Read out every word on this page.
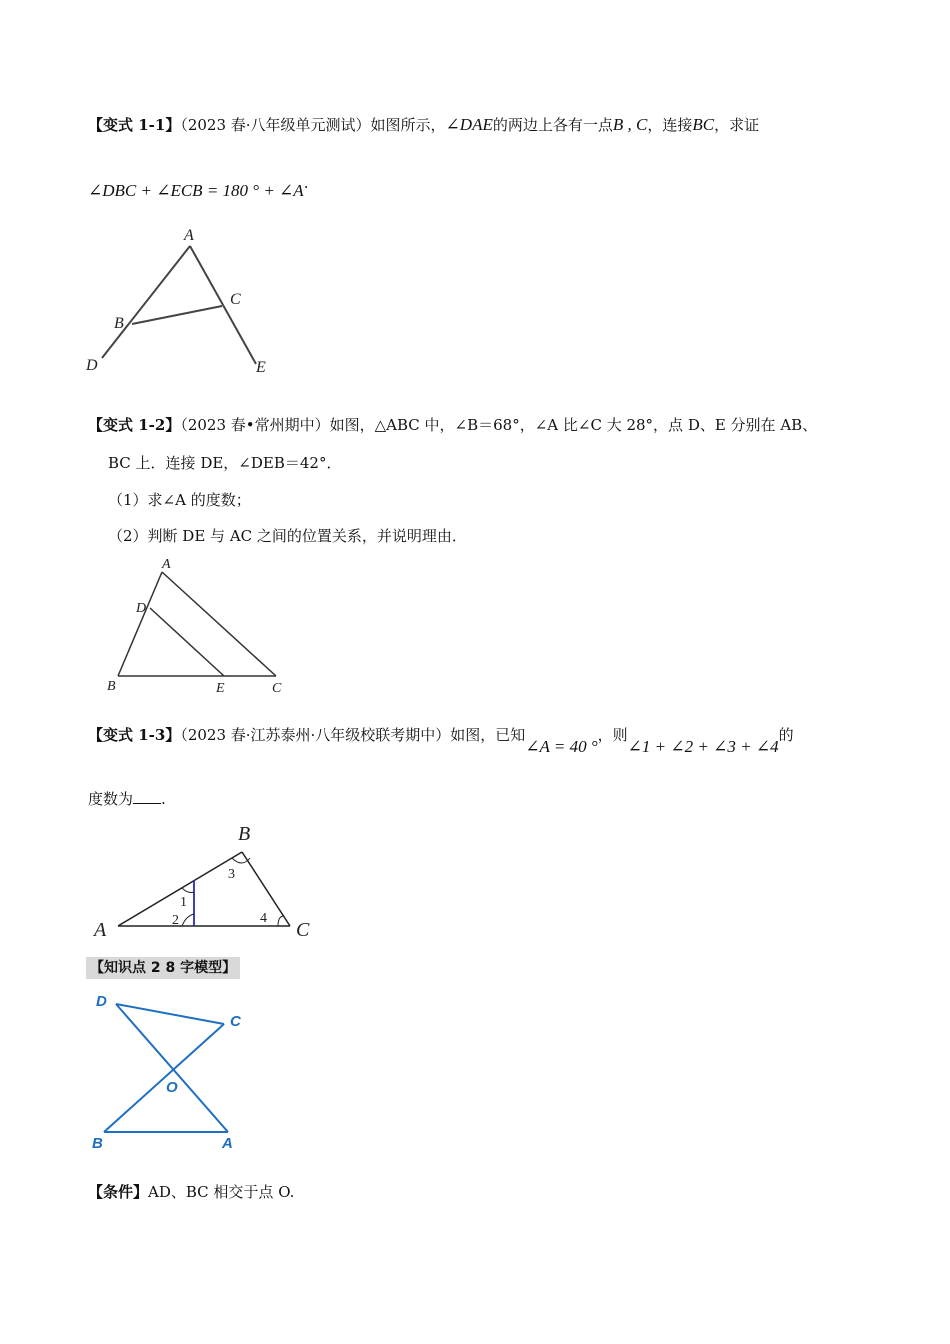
【变式 1-1】（2023 春·八年级单元测试）如图所示，∠DAE的两边上各有一点B , C，连接BC，求证
∠DBC + ∠ECB = 180 ° + ∠A.
A
B
C
D	E
【变式 1-2】（2023 春•常州期中）如图，△ABC 中，∠B＝68°，∠A 比∠C 大 28°，点 D、E 分别在 AB、
BC 上．连接 DE，∠DEB＝42°．
（1）求∠A 的度数；
（2）判断 DE 与 AC 之间的位置关系，并说明理由．
A
B	C
D
E
【变式 1-3】（2023 春·江苏泰州·八年级校联考期中）如图，已知∠A = 40 °，则∠1 + ∠2 + ∠3 + ∠4的
度数为 .
B
A	C
1
2
3
4
【知识点 2 8 字模型】
D
C
O
B	A
【条件】AD、BC 相交于点 O.
